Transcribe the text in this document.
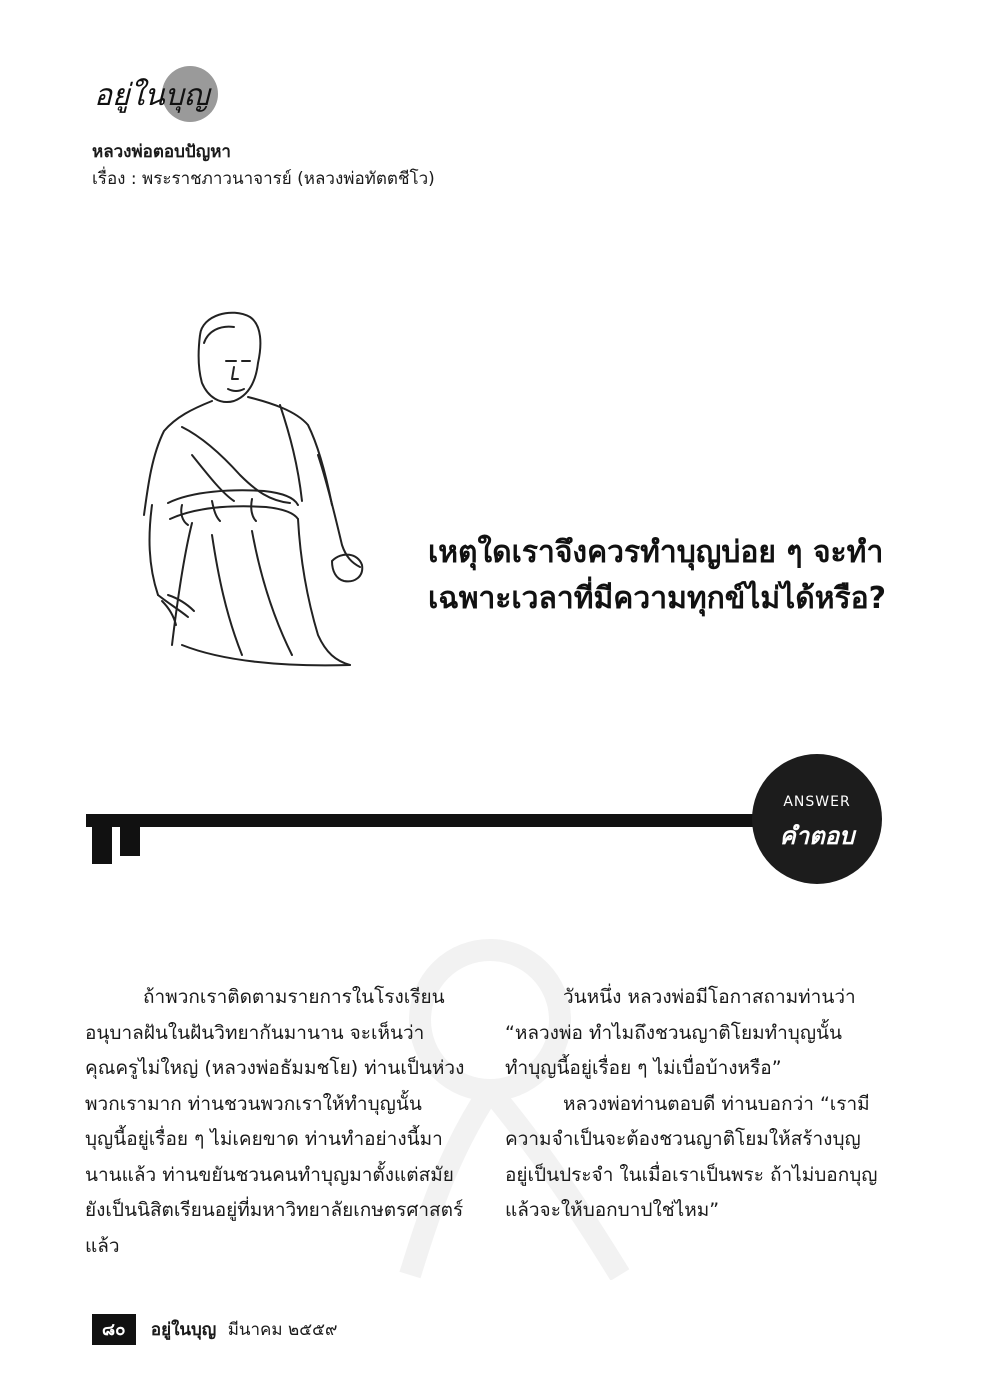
อยู่ในบุญ
หลวงพ่อตอบปัญหา
เรื่อง : พระราชภาวนาจารย์ (หลวงพ่อทัตตชีโว)
เหตุใดเราจึงควรทำบุญบ่อย ๆ จะทำ
เฉพาะเวลาที่มีความทุกข์ไม่ได้หรือ?
ANSWER
คำตอบ
ถ้าพวกเราติดตามรายการในโรงเรียน
อนุบาลฝันในฝันวิทยากันมานาน จะเห็นว่า
คุณครูไม่ใหญ่ (หลวงพ่อธัมมชโย) ท่านเป็นห่วง
พวกเรามาก ท่านชวนพวกเราให้ทำบุญนั้น
บุญนี้อยู่เรื่อย ๆ ไม่เคยขาด ท่านทำอย่างนี้มา
นานแล้ว ท่านขยันชวนคนทำบุญมาตั้งแต่สมัย
ยังเป็นนิสิตเรียนอยู่ที่มหาวิทยาลัยเกษตรศาสตร์
แล้ว
วันหนึ่ง หลวงพ่อมีโอกาสถามท่านว่า
“หลวงพ่อ ทำไมถึงชวนญาติโยมทำบุญนั้น
ทำบุญนี้อยู่เรื่อย ๆ ไม่เบื่อบ้างหรือ”
หลวงพ่อท่านตอบดี ท่านบอกว่า “เรามี
ความจำเป็นจะต้องชวนญาติโยมให้สร้างบุญ
อยู่เป็นประจำ ในเมื่อเราเป็นพระ ถ้าไม่บอกบุญ
แล้วจะให้บอกบาปใช่ไหม”
๘๐ อยู่ในบุญ มีนาคม ๒๕๕๙
